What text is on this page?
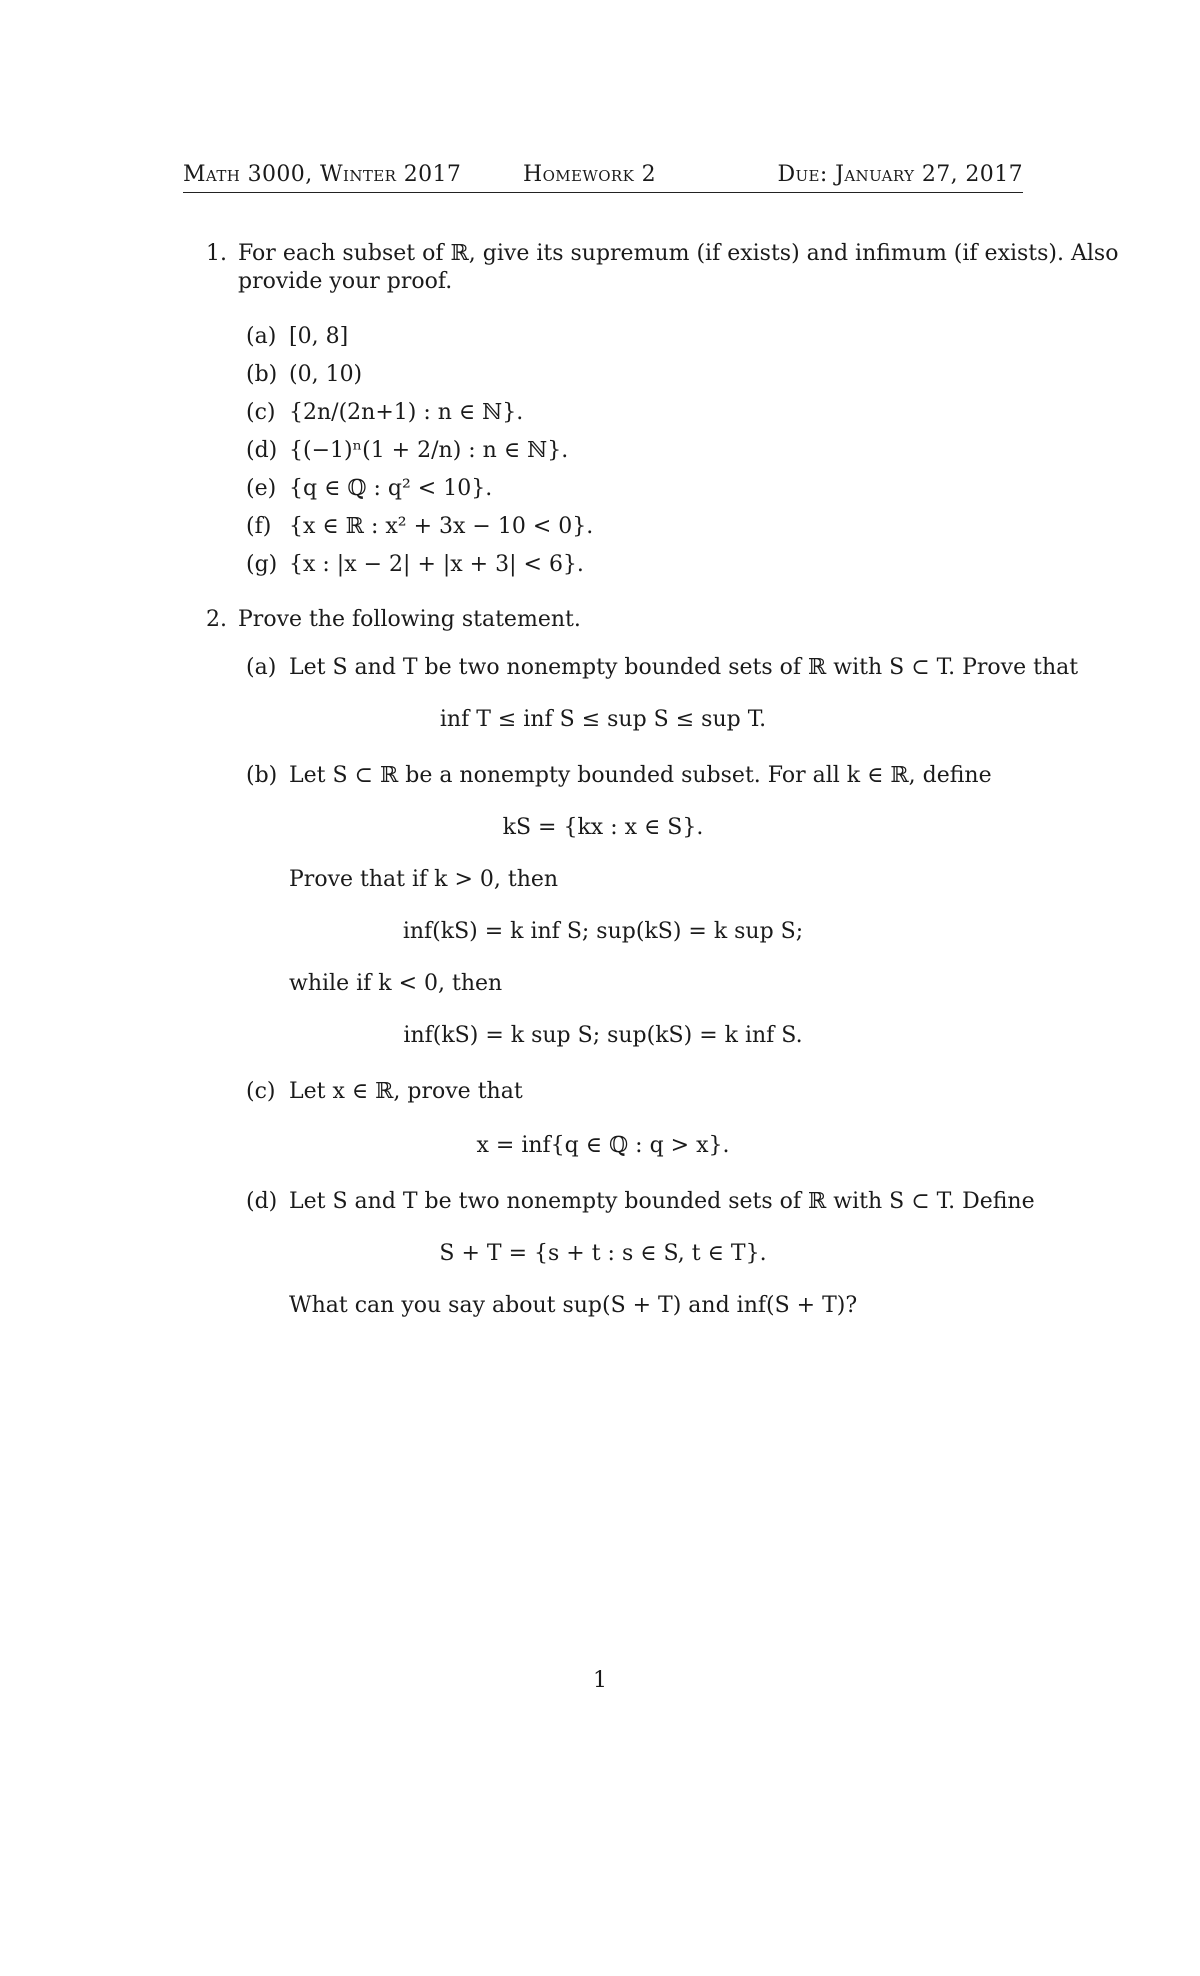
Math 3000, Winter 2017	Homework 2	Due: January 27, 2017
1. For each subset of ℝ, give its supremum (if exists) and infimum (if exists). Also
provide your proof.
(a) [0, 8]
(b) (0, 10)
(c) {2n/(2n+1) : n ∈ ℕ}.
(d) {(−1)ⁿ(1 + 2/n) : n ∈ ℕ}.
(e) {q ∈ ℚ : q² < 10}.
(f) {x ∈ ℝ : x² + 3x − 10 < 0}.
(g) {x : |x − 2| + |x + 3| < 6}.
2. Prove the following statement.
(a) Let S and T be two nonempty bounded sets of ℝ with S ⊂ T. Prove that
inf T ≤ inf S ≤ sup S ≤ sup T.
(b) Let S ⊂ ℝ be a nonempty bounded subset. For all k ∈ ℝ, define
kS = {kx : x ∈ S}.
Prove that if k > 0, then
inf(kS) = k inf S; sup(kS) = k sup S;
while if k < 0, then
inf(kS) = k sup S; sup(kS) = k inf S.
(c) Let x ∈ ℝ, prove that
x = inf{q ∈ ℚ : q > x}.
(d) Let S and T be two nonempty bounded sets of ℝ with S ⊂ T. Define
S + T = {s + t : s ∈ S, t ∈ T}.
What can you say about sup(S + T) and inf(S + T)?
1
